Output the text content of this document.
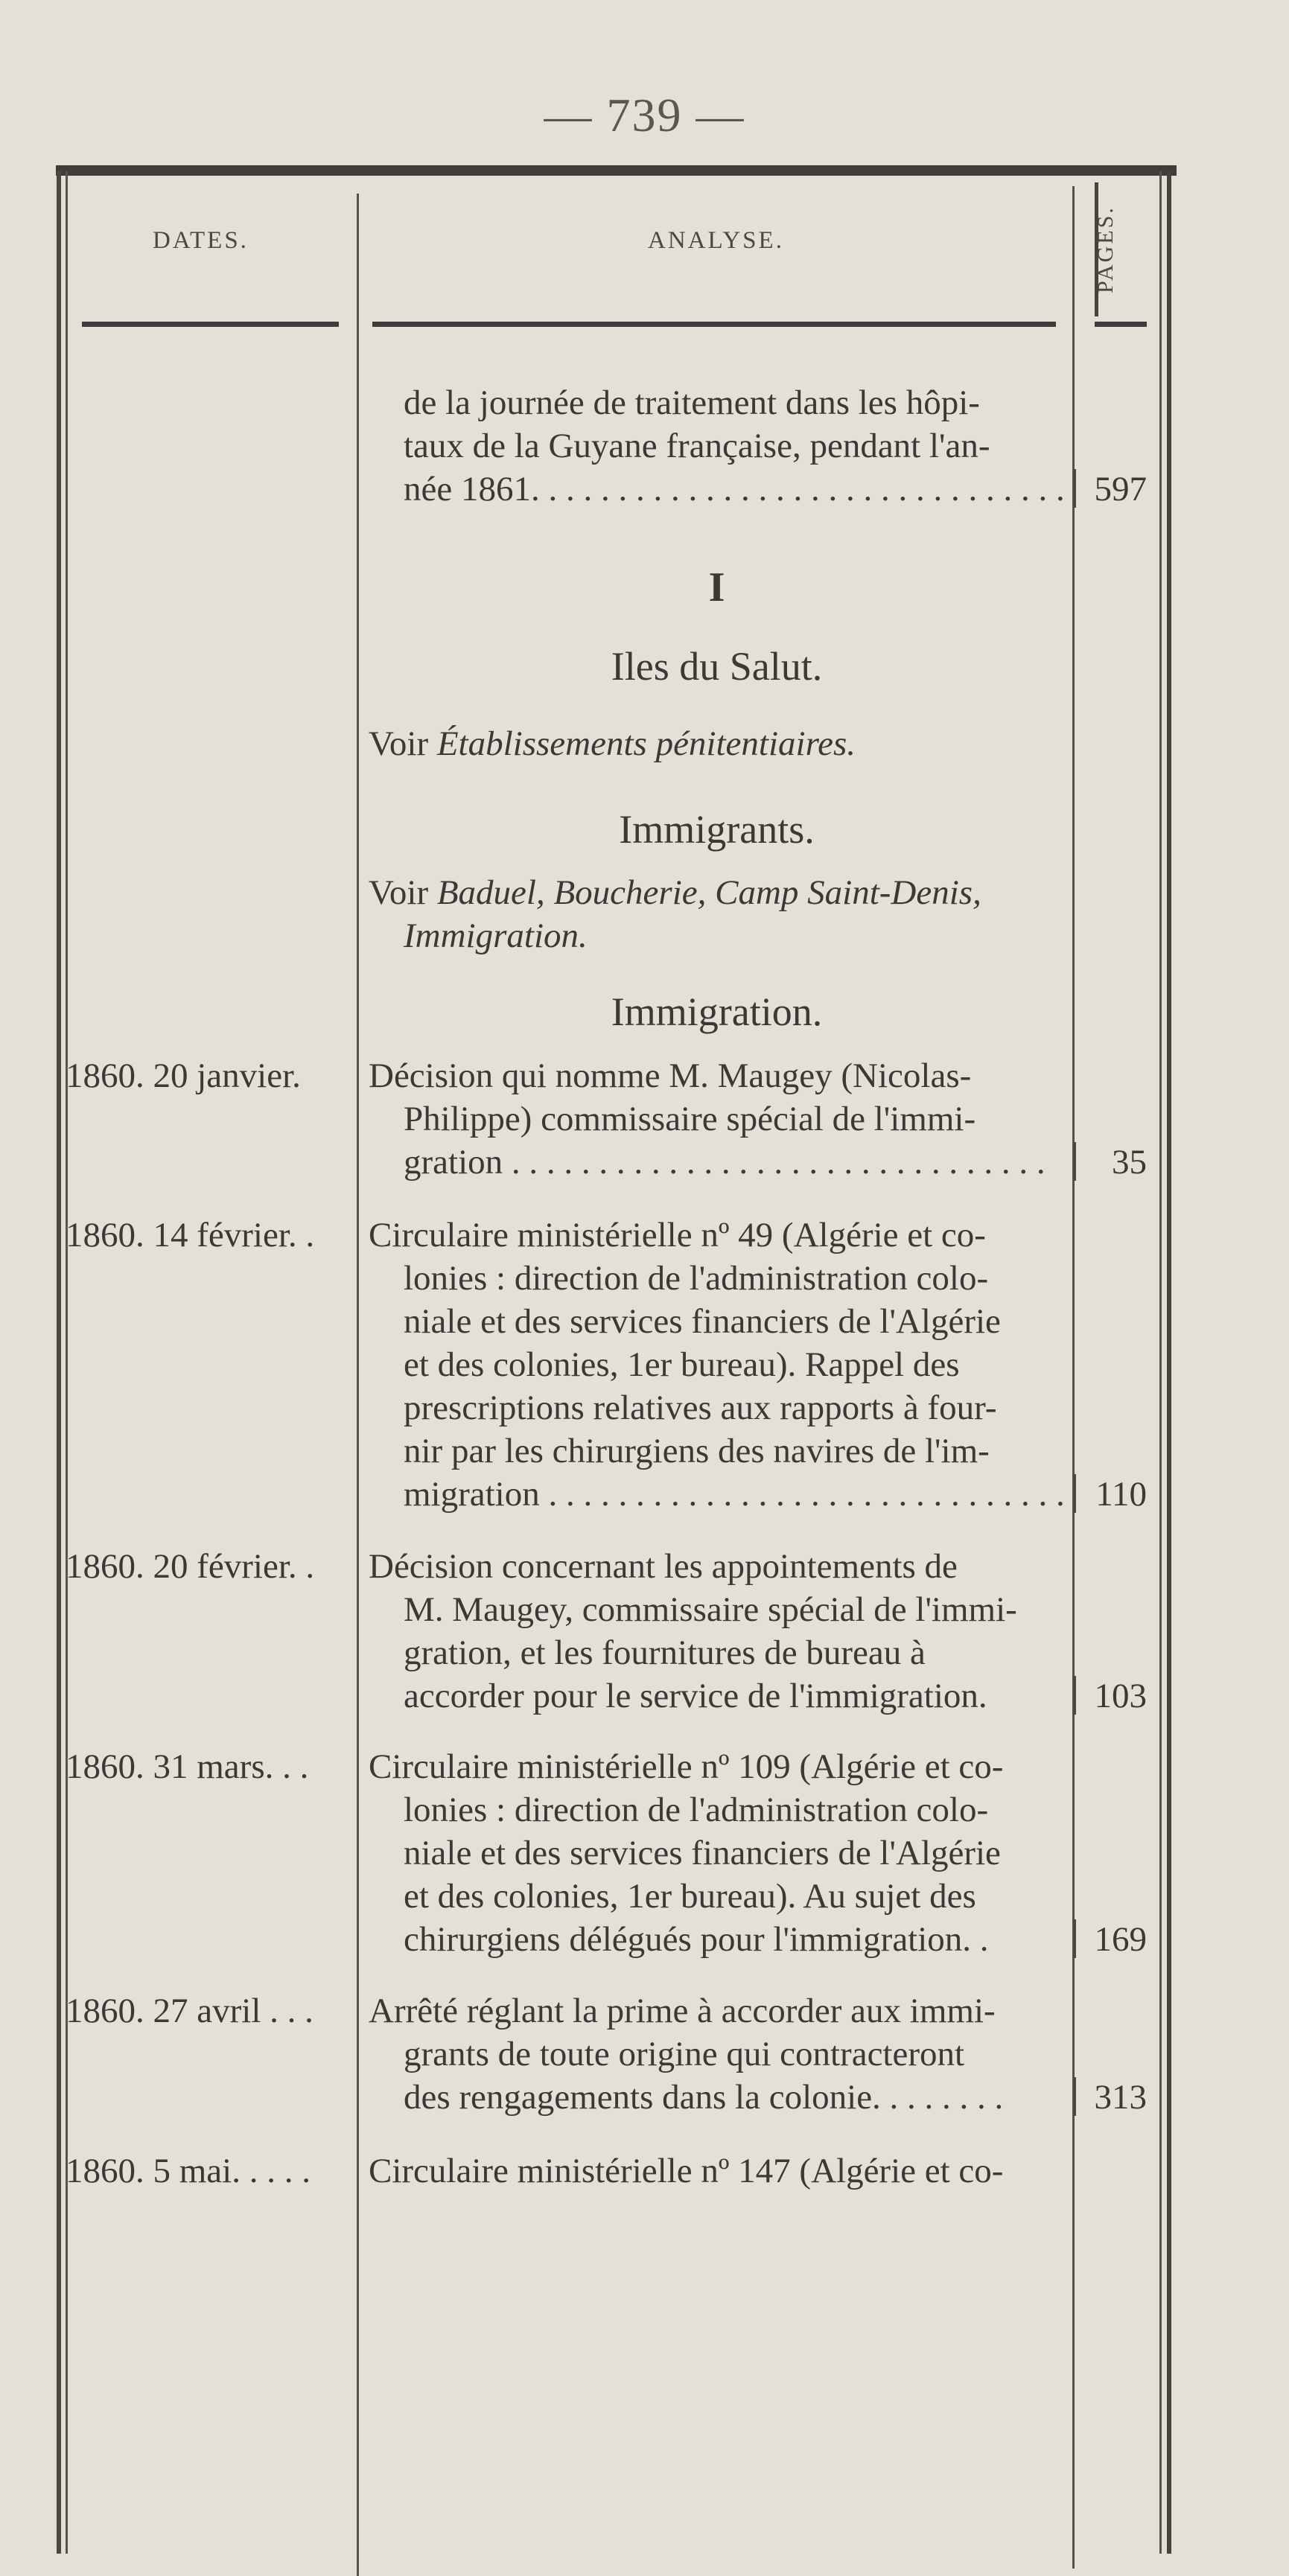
— 739 —
DATES.	ANALYSE.	PAGES.
de la journée de traitement dans les hôpi-
taux de la Guyane française, pendant l'an-
née 1861. . . . . . . . . . . . . . . . . . . . . . . . . . . . . . . 597
I
Iles du Salut.
Voir Établissements pénitentiaires.
Immigrants.
Voir Baduel, Boucherie, Camp Saint-Denis,
Immigration.
Immigration.
1860. 20 janvier. Décision qui nomme M. Maugey (Nicolas-
Philippe) commissaire spécial de l'immi-
gration . . . . . . . . . . . . . . . . . . . . . . . . . . . . . . .	35
1860. 14 février. . Circulaire ministérielle nº 49 (Algérie et co-
lonies : direction de l'administration colo-
niale et des services financiers de l'Algérie
et des colonies, 1er bureau). Rappel des
prescriptions relatives aux rapports à four-
nir par les chirurgiens des navires de l'im-
migration . . . . . . . . . . . . . . . . . . . . . . . . . . . . . . 110
1860. 20 février. . Décision concernant les appointements de
M. Maugey, commissaire spécial de l'immi-
gration, et les fournitures de bureau à
accorder pour le service de l'immigration.	103
1860. 31 mars. . . Circulaire ministérielle nº 109 (Algérie et co-
lonies : direction de l'administration colo-
niale et des services financiers de l'Algérie
et des colonies, 1er bureau). Au sujet des
chirurgiens délégués pour l'immigration. .	169
1860. 27 avril . . . Arrêté réglant la prime à accorder aux immi-
grants de toute origine qui contracteront
des rengagements dans la colonie. . . . . . . .	313
1860. 5 mai. . . . . Circulaire ministérielle nº 147 (Algérie et co-
